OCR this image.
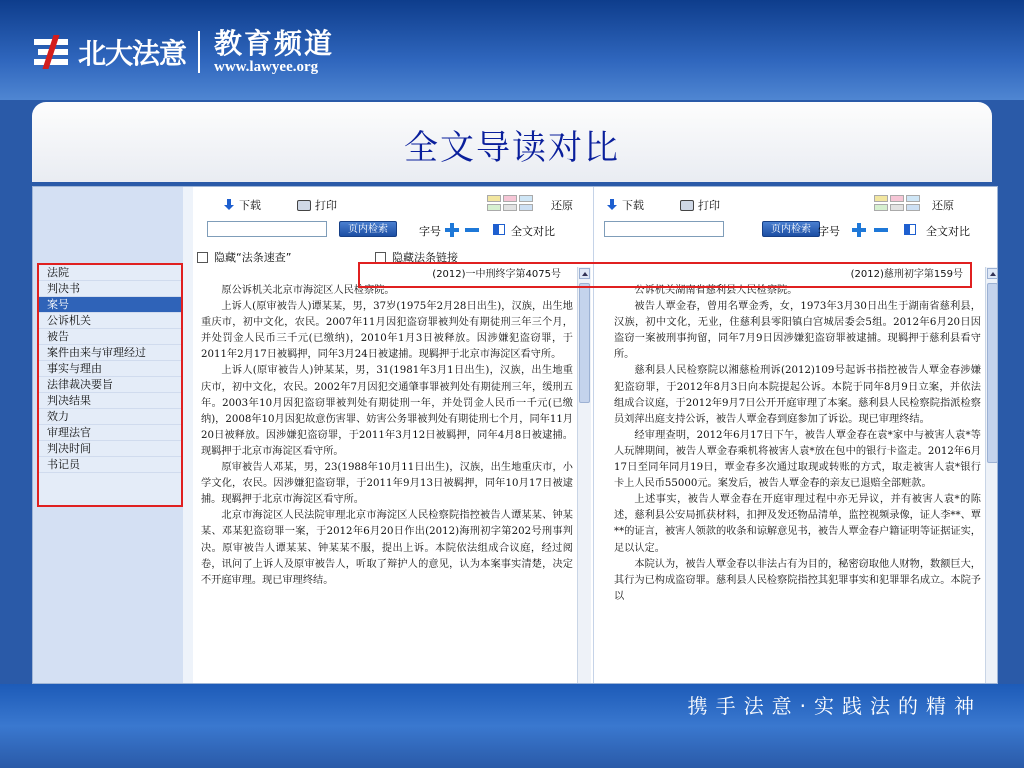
北大法意 教育频道
www.lawyee.org
全文导读对比
法院
判决书
案号
公诉机关
被告
案件由来与审理经过
事实与理由
法律裁决要旨
判决结果
效力
审理法官
判决时间
书记员
下载	打印	还原
页内检索	字号	全文对比
隐藏“法条速查”	隐藏法条链接
(2012)一中刑终字第4075号

原公诉机关北京市海淀区人民检察院。

上诉人(原审被告人)谭某某，男，37岁(1975年2月28日出生)，汉族，出生地重庆市，初中文化，农民。2007年11月因犯盗窃罪被判处有期徒刑三年三个月，并处罚金人民币三千元(已缴纳)，2010年1月3日被释放。因涉嫌犯盗窃罪，于2011年2月17日被羁押，同年3月24日被逮捕。现羁押于北京市海淀区看守所。

上诉人(原审被告人)钟某某，男，31(1981年3月1日出生)，汉族，出生地重庆市，初中文化，农民。2002年7月因犯交通肇事罪被判处有期徒刑三年，缓刑五年。2003年10月因犯盗窃罪被判处有期徒刑一年，并处罚金人民币一千元(已缴纳)，2008年10月因犯故意伤害罪、妨害公务罪被判处有期徒刑七个月，同年11月20日被释放。因涉嫌犯盗窃罪，于2011年3月12日被羁押，同年4月8日被逮捕。现羁押于北京市海淀区看守所。

原审被告人邓某，男，23(1988年10月11日出生)，汉族，出生地重庆市，小学文化，农民。因涉嫌犯盗窃罪，于2011年9月13日被羁押，同年10月17日被逮捕。现羁押于北京市海淀区看守所。

北京市海淀区人民法院审理北京市海淀区人民检察院指控被告人谭某某、钟某某、邓某犯盗窃罪一案，于2012年6月20日作出(2012)海刑初字第202号刑事判决。原审被告人谭某某、钟某某不服，提出上诉。本院依法组成合议庭，经过阅卷，讯问了上诉人及原审被告人，听取了辩护人的意见，认为本案事实清楚，决定不开庭审理。现已审理终结。

下载	打印	还原
页内检索 字号	全文对比
(2012)慈刑初字第159号

公诉机关湖南省慈利县人民检察院。

被告人覃金春，曾用名覃金秀，女，1973年3月30日出生于湖南省慈利县，汉族，初中文化，无业，住慈利县零阳镇白宫城居委会5组。2012年6月20日因盗窃一案被刑事拘留，同年7月9日因涉嫌犯盗窃罪被逮捕。现羁押于慈利县看守所。

慈利县人民检察院以湘慈检刑诉(2012)109号起诉书指控被告人覃金春涉嫌犯盗窃罪，于2012年8月3日向本院提起公诉。本院于同年8月9日立案，并依法组成合议庭，于2012年9月7日公开开庭审理了本案。慈利县人民检察院指派检察员刘萍出庭支持公诉，被告人覃金春到庭参加了诉讼。现已审理终结。

经审理查明，2012年6月17日下午，被告人覃金春在袁*家中与被害人袁*等人玩牌期间，被告人覃金春乘机将被害人袁*放在包中的银行卡盗走。2012年6月17日至同年同月19日，覃金春多次通过取现或转账的方式，取走被害人袁*银行卡上人民币55000元。案发后，被告人覃金春的亲友已退赔全部赃款。

上述事实，被告人覃金春在开庭审理过程中亦无异议，并有被害人袁*的陈述，慈利县公安局抓获材料，扣押及发还物品清单，监控视频录像，证人李**、覃**的证言，被害人领款的收条和谅解意见书，被告人覃金春户籍证明等证据证实，足以认定。

本院认为，被告人覃金春以非法占有为目的，秘密窃取他人财物，数额巨大，其行为已构成盗窃罪。慈利县人民检察院指控其犯罪事实和犯罪罪名成立。本院予以

携手法意·实践法的精神
